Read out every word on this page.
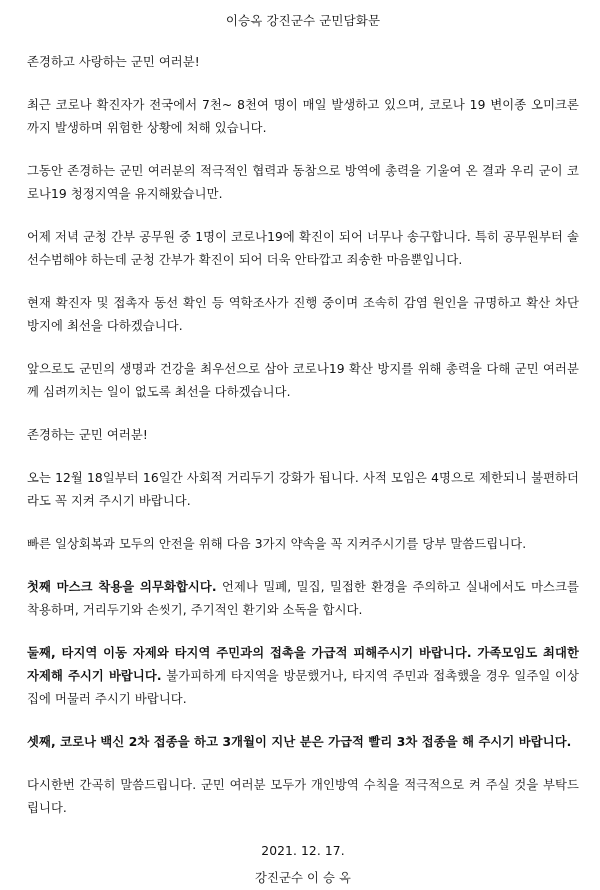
이승옥 강진군수 군민담화문
존경하고 사랑하는 군민 여러분!
최근 코로나 확진자가 전국에서 7천~ 8천여 명이 매일 발생하고 있으며, 코로나 19 변이종 오미크론까지 발생하며 위험한 상황에 처해 있습니다.
그동안 존경하는 군민 여러분의 적극적인 협력과 동참으로 방역에 총력을 기울여 온 결과 우리 군이 코로나19 청정지역을 유지해왔습니만.
어제 저녁 군청 간부 공무원 중 1명이 코로나19에 확진이 되어 너무나 송구합니다. 특히 공무원부터 솔선수범해야 하는데 군청 간부가 확진이 되어 더욱 안타깝고 죄송한 마음뿐입니다.
현재 확진자 및 접촉자 동선 확인 등 역학조사가 진행 중이며 조속히 감염 원인을 규명하고 확산 차단 방지에 최선을 다하겠습니다.
앞으로도 군민의 생명과 건강을 최우선으로 삼아 코로나19 확산 방지를 위해 총력을 다해 군민 여러분께 심려끼치는 일이 없도록 최선을 다하겠습니다.
존경하는 군민 여러분!
오는 12월 18일부터 16일간 사회적 거리두기 강화가 됩니다. 사적 모임은 4명으로 제한되니 불편하더라도 꼭 지켜 주시기 바랍니다.
빠른 일상회복과 모두의 안전을 위해 다음 3가지 약속을 꼭 지켜주시기를 당부 말씀드립니다.
첫째 마스크 착용을 의무화합시다. 언제나 밀폐, 밀집, 밀접한 환경을 주의하고 실내에서도 마스크를 착용하며, 거리두기와 손씻기, 주기적인 환기와 소독을 합시다.
둘째, 타지역 이동 자제와 타지역 주민과의 접촉을 가급적 피해주시기 바랍니다. 가족모임도 최대한 자제해 주시기 바랍니다. 불가피하게 타지역을 방문했거나, 타지역 주민과 접촉했을 경우 일주일 이상 집에 머물러 주시기 바랍니다.
셋째, 코로나 백신 2차 접종을 하고 3개월이 지난 분은 가급적 빨리 3차 접종을 해 주시기 바랍니다.
다시한번 간곡히 말씀드립니다. 군민 여러분 모두가 개인방역 수칙을 적극적으로 켜 주실 것을 부탁드립니다.
2021. 12. 17.
강진군수 이 승 옥
